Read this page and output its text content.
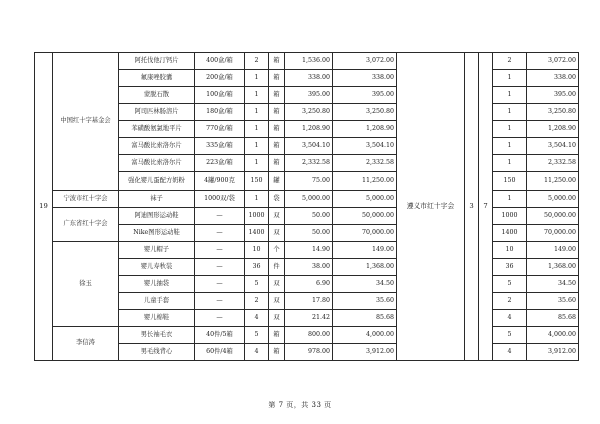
19	中国红十字基金会	阿托伐他汀钙片	400盒/箱	2	箱	1,536.00	3,072.00	遵义市红十字会	3	7	2	3,072.00
		氟康唑胶囊	200盒/箱	1	箱	338.00	338.00				1	338.00
		蒙脱石散	100盒/箱	1	箱	395.00	395.00				1	395.00
		阿司匹林肠溶片	180盒/箱	1	箱	3,250.80	3,250.80				1	3,250.80
		苯磺酸氨氯地平片	770盒/箱	1	箱	1,208.90	1,208.90				1	1,208.90
		富马酸比索洛尔片	335盒/箱	1	箱	3,504.10	3,504.10				1	3,504.10
		富马酸比索洛尔片	223盒/箱	1	箱	2,332.58	2,332.58				1	2,332.58
		强化婴儿蛋配方奶粉	4罐/900克	150	罐	75.00	11,250.00				150	11,250.00
	宁波市红十字会	袜子	1000双/袋	1	袋	5,000.00	5,000.00				1	5,000.00
	广东省红十字会	阿迪图形运动鞋	—	1000	双	50.00	50,000.00				1000	50,000.00
		Nike图形运动鞋	—	1400	双	50.00	70,000.00				1400	70,000.00
	徐玉	婴儿帽子	—	10	个	14.90	149.00				10	149.00
		婴儿寿秋装	—	36	件	38.00	1,368.00				36	1,368.00
		婴儿抽袋	—	5	双	6.90	34.50				5	34.50
		儿童手套	—	2	双	17.80	35.60				2	35.60
		婴儿棉鞋	—	4	双	21.42	85.68				4	85.68
	李信涛	男长袖毛衣	40件/5箱	5	箱	800.00	4,000.00				5	4,000.00
		男毛线背心	60件/4箱	4	箱	978.00	3,912.00				4	3,912.00
第 7 页，共 33 页
